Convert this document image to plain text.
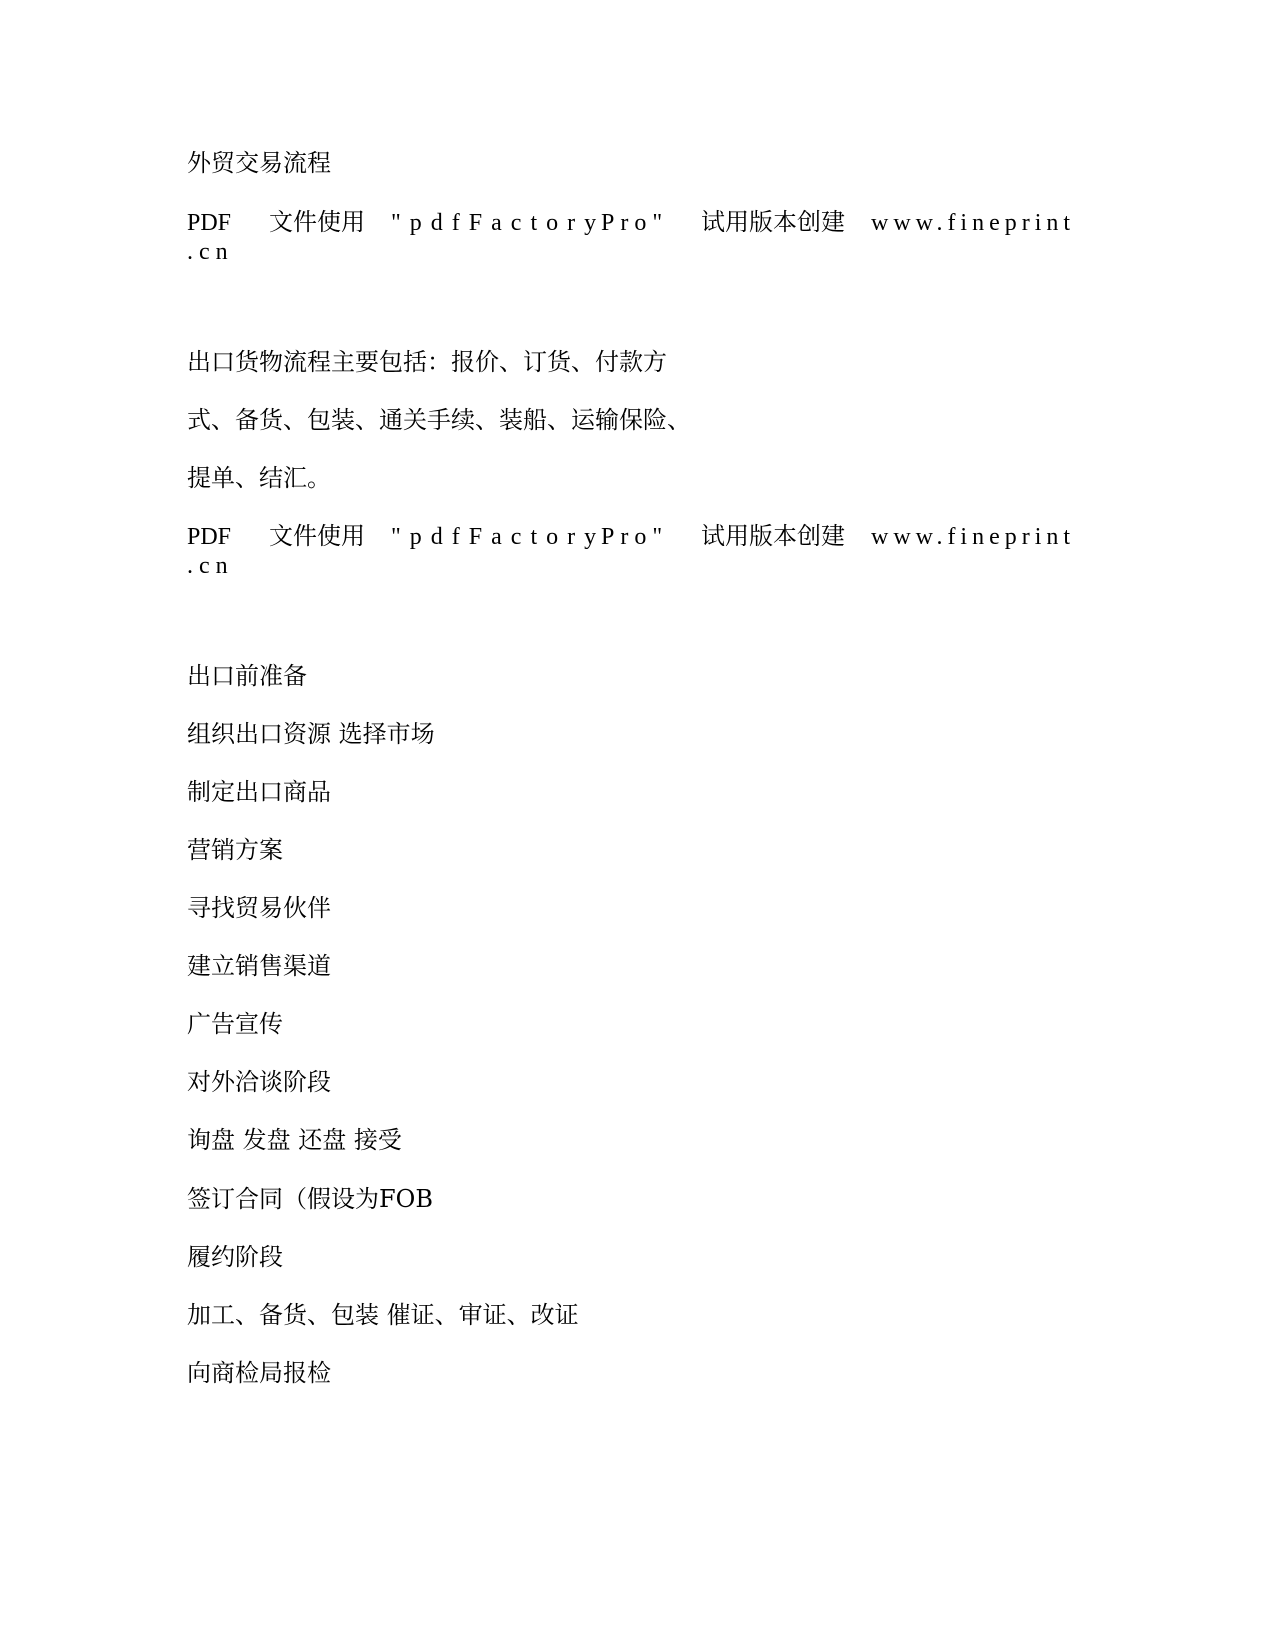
外贸交易流程

PDF	文件使用	"pdfFactory
Pro"	试用版本创建	www.fineprint
.cn

出口货物流程主要包括：报价、订货、付款方

式、备货、包装、通关手续、装船、运输保险、

提单、结汇。

PDF	文件使用	"pdfFactory
Pro"	试用版本创建	www.fineprint
.cn

出口前准备

组织出口资源 选择市场

制定出口商品

营销方案

寻找贸易伙伴

建立销售渠道

广告宣传

对外洽谈阶段

询盘 发盘 还盘 接受

签订合同（假设为FOB

履约阶段

加工、备货、包装 催证、审证、改证

向商检局报检
